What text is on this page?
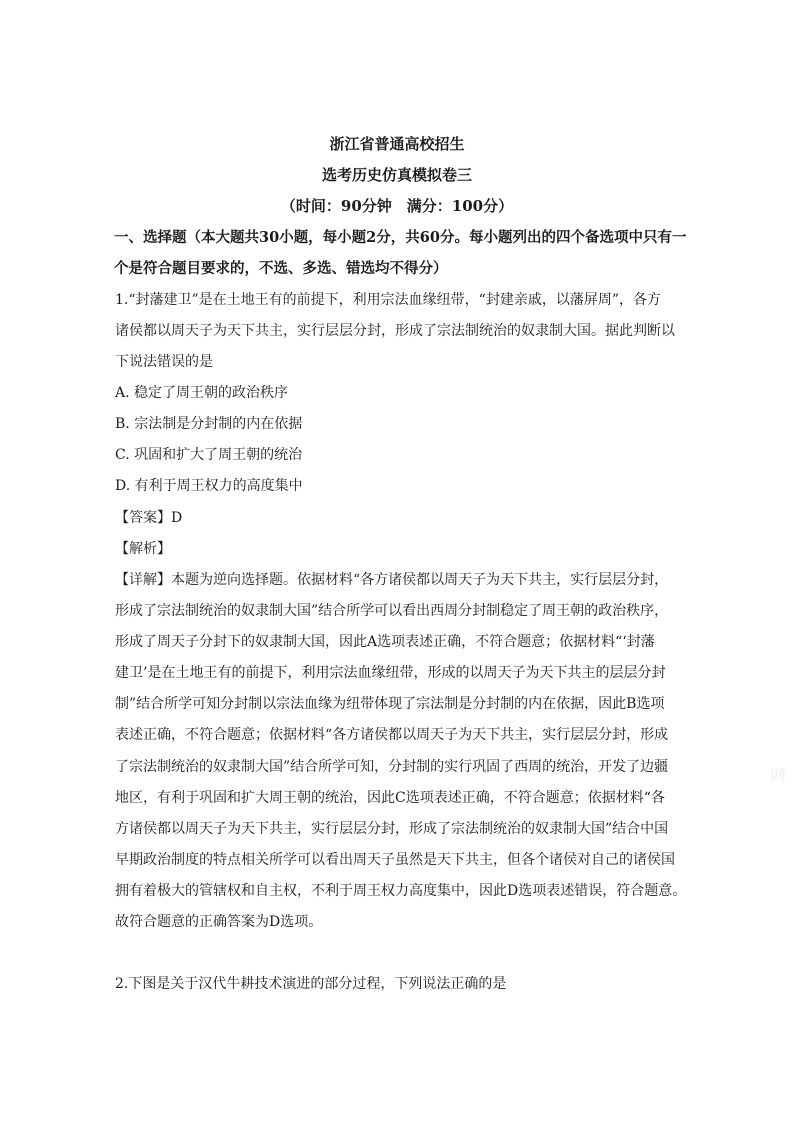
浙江省普通高校招生
选考历史仿真模拟卷三
（时间：90分钟　满分：100分）
一、选择题（本大题共30小题，每小题2分，共60分。每小题列出的四个备选项中只有一
个是符合题目要求的，不选、多选、错选均不得分）
1.“封藩建卫”是在土地王有的前提下，利用宗法血缘纽带，“封建亲戚，以藩屏周”，各方
诸侯都以周天子为天下共主，实行层层分封，形成了宗法制统治的奴隶制大国。据此判断以
下说法错误的是
A. 稳定了周王朝的政治秩序
B. 宗法制是分封制的内在依据
C. 巩固和扩大了周王朝的统治
D. 有利于周王权力的高度集中
【答案】D
【解析】
【详解】本题为逆向选择题。依据材料“各方诸侯都以周天子为天下共主，实行层层分封，
形成了宗法制统治的奴隶制大国”结合所学可以看出西周分封制稳定了周王朝的政治秩序，
形成了周天子分封下的奴隶制大国，因此A选项表述正确，不符合题意；依据材料“‘封藩
建卫’是在土地王有的前提下，利用宗法血缘纽带，形成的以周天子为天下共主的层层分封
制”结合所学可知分封制以宗法血缘为纽带体现了宗法制是分封制的内在依据，因此B选项
表述正确，不符合题意；依据材料“各方诸侯都以周天子为天下共主，实行层层分封，形成
了宗法制统治的奴隶制大国”结合所学可知，分封制的实行巩固了西周的统治，开发了边疆
地区，有利于巩固和扩大周王朝的统治，因此C选项表述正确，不符合题意；依据材料“各
方诸侯都以周天子为天下共主，实行层层分封，形成了宗法制统治的奴隶制大国”结合中国
早期政治制度的特点相关所学可以看出周天子虽然是天下共主，但各个诸侯对自己的诸侯国
拥有着极大的管辖权和自主权，不利于周王权力高度集中，因此D选项表述错误，符合题意。
故符合题意的正确答案为D选项。
2.下图是关于汉代牛耕技术演进的部分过程，下列说法正确的是
网
